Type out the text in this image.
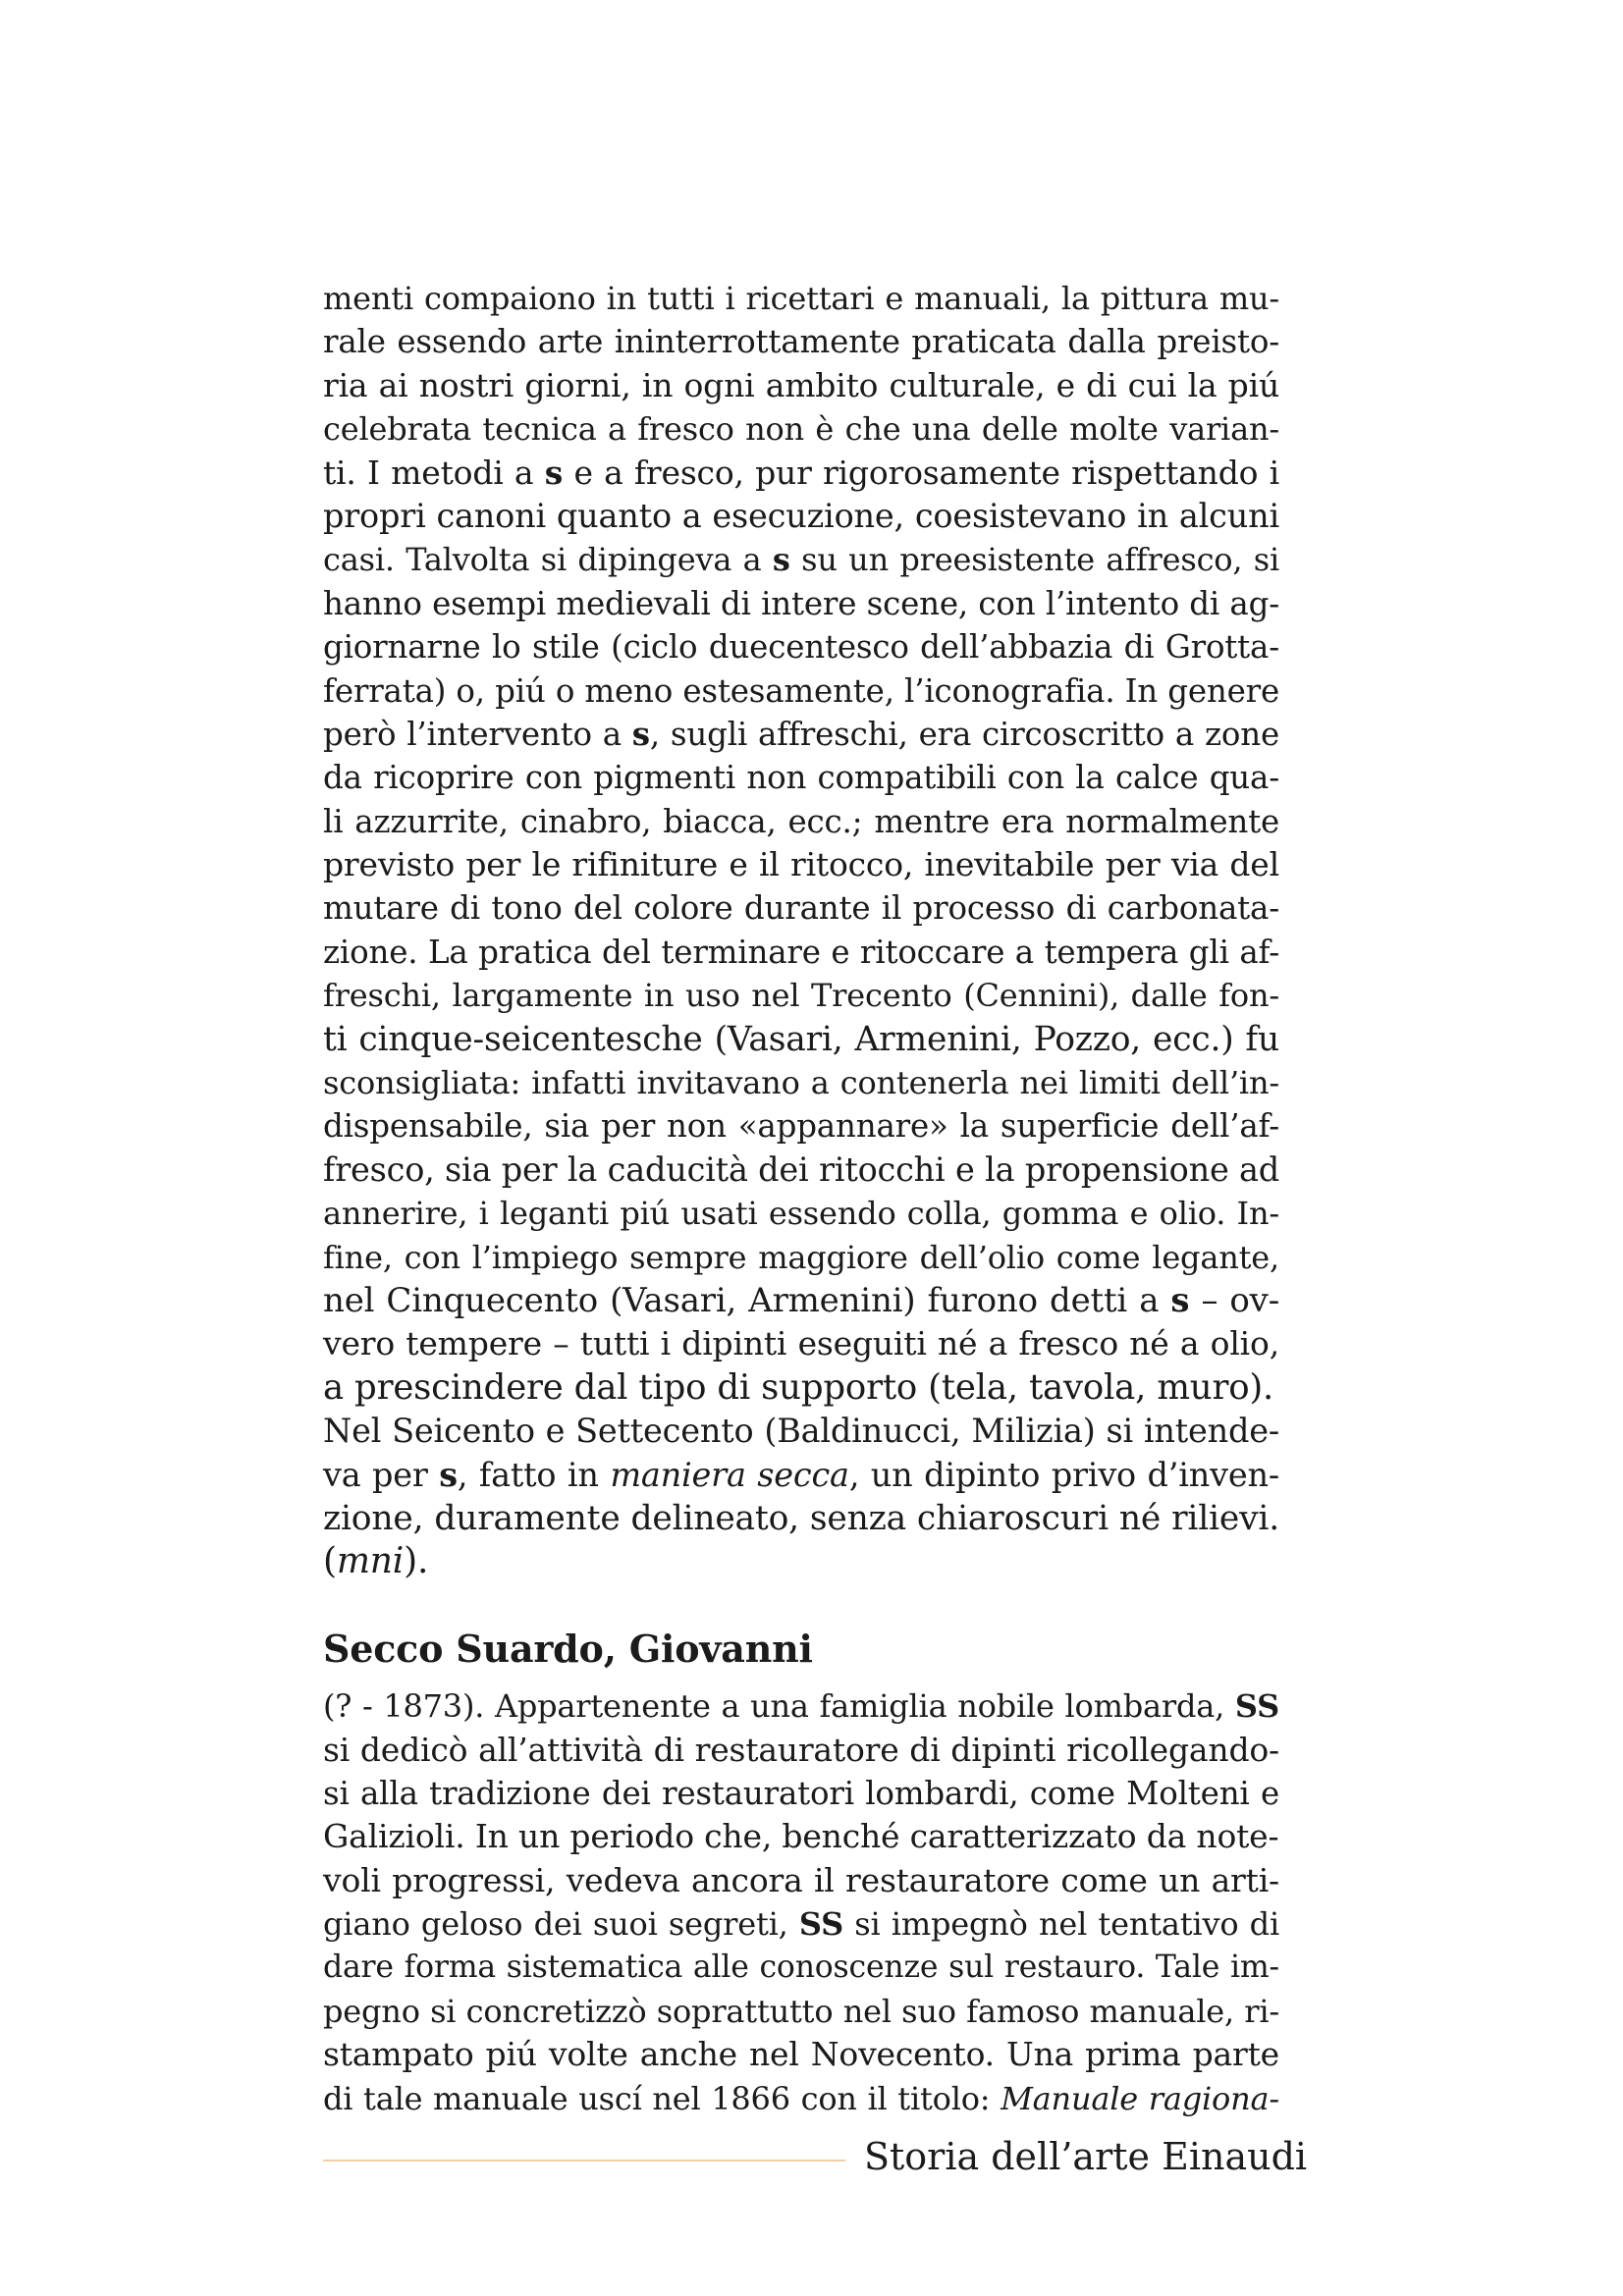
menti compaiono in tutti i ricettari e manuali, la pittura mu-
rale essendo arte ininterrottamente praticata dalla preisto-
ria ai nostri giorni, in ogni ambito culturale, e di cui la piú
celebrata tecnica a fresco non è che una delle molte varian-
ti. I metodi a s e a fresco, pur rigorosamente rispettando i
propri canoni quanto a esecuzione, coesistevano in alcuni
casi. Talvolta si dipingeva a s su un preesistente affresco, si
hanno esempi medievali di intere scene, con l’intento di ag-
giornarne lo stile (ciclo duecentesco dell’abbazia di Grotta-
ferrata) o, piú o meno estesamente, l’iconografia. In genere
però l’intervento a s, sugli affreschi, era circoscritto a zone
da ricoprire con pigmenti non compatibili con la calce qua-
li azzurrite, cinabro, biacca, ecc.; mentre era normalmente
previsto per le rifiniture e il ritocco, inevitabile per via del
mutare di tono del colore durante il processo di carbonata-
zione. La pratica del terminare e ritoccare a tempera gli af-
freschi, largamente in uso nel Trecento (Cennini), dalle fon-
ti cinque-seicentesche (Vasari, Armenini, Pozzo, ecc.) fu
sconsigliata: infatti invitavano a contenerla nei limiti dell’in-
dispensabile, sia per non «appannare» la superficie dell’af-
fresco, sia per la caducità dei ritocchi e la propensione ad
annerire, i leganti piú usati essendo colla, gomma e olio. In-
fine, con l’impiego sempre maggiore dell’olio come legante,
nel Cinquecento (Vasari, Armenini) furono detti a s – ov-
vero tempere – tutti i dipinti eseguiti né a fresco né a olio,
a prescindere dal tipo di supporto (tela, tavola, muro).
Nel Seicento e Settecento (Baldinucci, Milizia) si intende-
va per s, fatto in maniera secca, un dipinto privo d’inven-
zione, duramente delineato, senza chiaroscuri né rilievi.
(mni).
Secco Suardo, Giovanni
(? - 1873). Appartenente a una famiglia nobile lombarda, SS
si dedicò all’attività di restauratore di dipinti ricollegando-
si alla tradizione dei restauratori lombardi, come Molteni e
Galizioli. In un periodo che, benché caratterizzato da note-
voli progressi, vedeva ancora il restauratore come un arti-
giano geloso dei suoi segreti, SS si impegnò nel tentativo di
dare forma sistematica alle conoscenze sul restauro. Tale im-
pegno si concretizzò soprattutto nel suo famoso manuale, ri-
stampato piú volte anche nel Novecento. Una prima parte
di tale manuale uscí nel 1866 con il titolo: Manuale ragiona-
Storia dell’arte Einaudi
